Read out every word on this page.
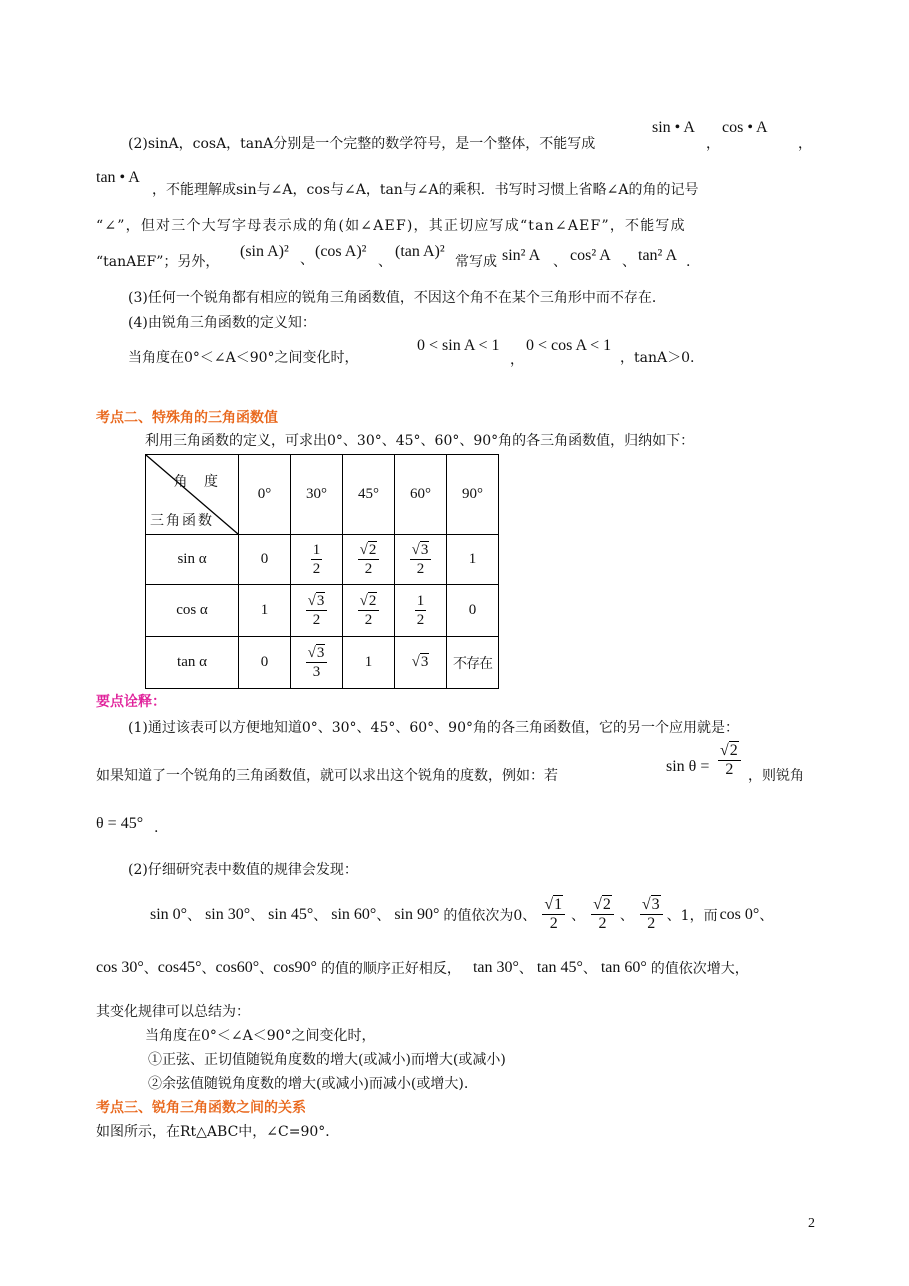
(2)sinA，cosA，tanA分别是一个完整的数学符号，是一个整体，不能写成
sin • A
，
cos • A
，
tan • A
，不能理解成sin与∠A，cos与∠A，tan与∠A的乘积．书写时习惯上省略∠A的角的记号
“∠”，但对三个大写字母表示成的角(如∠AEF)，其正切应写成“tan∠AEF”，不能写成
“tanAEF”；另外，
(sin A)² 、 (cos A)²
、
(tan A)²
常写成 sin² A 、 cos² A 、 tan² A .
(3)任何一个锐角都有相应的锐角三角函数值，不因这个角不在某个三角形中而不存在．
(4)由锐角三角函数的定义知：
当角度在0°＜∠A＜90°之间变化时，
0 < sin A < 1
，
0 < cos A < 1
，tanA＞0.
考点二、特殊角的三角函数值
利用三角函数的定义，可求出0°、30°、45°、60°、90°角的各三角函数值，归纳如下：
角 度
三角函数	0°	30°	45°	60°	90°
sin α	0	$\frac{1}{2}$	$\frac{√2}{2}$	$\frac{√3}{2}$	1
cos α	1	$\frac{√3}{2}$	$\frac{√2}{2}$	$\frac{1}{2}$	0
tan α	0	$\frac{√3}{3}$	1	√3	不存在
要点诠释：
(1)通过该表可以方便地知道0°、30°、45°、60°、90°角的各三角函数值，它的另一个应用就是：
如果知道了一个锐角的三角函数值，就可以求出这个锐角的度数，例如：若
$\sin \theta = \frac{√2}{2}$ ，则锐角
θ = 45° .
(2)仔细研究表中数值的规律会发现：
sin 0° 、 sin 30° 、 sin 45° 、 sin 60° 、 sin 90° 的值依次为0、 $\frac{√1}{2}$ 、 $\frac{√2}{2}$ 、 $\frac{√3}{2}$ 、1，而 cos 0° 、
cos 30° 、 cos45° 、 cos60° 、 cos90° 的值的顺序正好相反， tan 30° 、 tan 45° 、 tan 60° 的值依次增大，
其变化规律可以总结为：
当角度在0°＜∠A＜90°之间变化时，
①正弦、正切值随锐角度数的增大(或减小)而增大(或减小)
②余弦值随锐角度数的增大(或减小)而减小(或增大).
考点三、锐角三角函数之间的关系
如图所示，在Rt△ABC中，∠C=90°．
2
